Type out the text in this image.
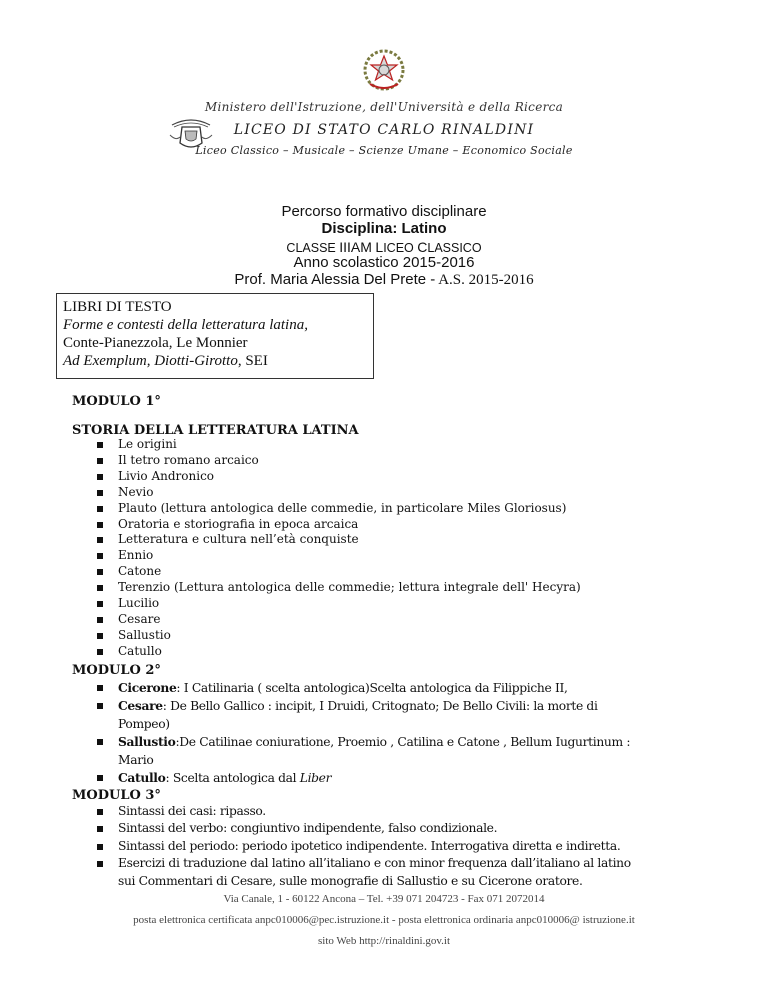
Ministero dell'Istruzione, dell'Università e della Ricerca
LICEO DI STATO CARLO RINALDINI
Liceo Classico – Musicale – Scienze Umane – Economico Sociale
Percorso formativo disciplinare
Disciplina: Latino
CLASSE IIIAM LICEO CLASSICO
Anno scolastico 2015-2016
Prof. Maria Alessia Del Prete - A.S. 2015-2016
LIBRI DI TESTO
Forme e contesti della letteratura latina,
Conte-Pianezzola, Le Monnier
Ad Exemplum, Diotti-Girotto, SEI
MODULO 1°
STORIA DELLA LETTERATURA LATINA
Le origini
Il tetro romano arcaico
Livio Andronico
Nevio
Plauto (lettura antologica delle commedie, in particolare Miles Gloriosus)
Oratoria e storiografia in epoca arcaica
Letteratura e cultura nell’età conquiste
Ennio
Catone
Terenzio (Lettura antologica delle commedie; lettura integrale dell' Hecyra)
Lucilio
Cesare
Sallustio
Catullo
MODULO 2°
Cicerone: I Catilinaria ( scelta antologica)Scelta antologica da Filippiche II,
Cesare: De Bello Gallico : incipit, I Druidi, Critognato; De Bello Civili: la morte di
Pompeo)
Sallustio:De Catilinae coniuratione, Proemio , Catilina e Catone , Bellum Iugurtinum :
Mario
Catullo: Scelta antologica dal Liber
MODULO 3°
Sintassi dei casi: ripasso.
Sintassi del verbo: congiuntivo indipendente, falso condizionale.
Sintassi del periodo: periodo ipotetico indipendente. Interrogativa diretta e indiretta.
Esercizi di traduzione dal latino all’italiano e con minor frequenza dall’italiano al latino
sui Commentari di Cesare, sulle monografie di Sallustio e su Cicerone oratore.
Via Canale, 1 - 60122 Ancona – Tel. +39 071 204723 - Fax 071 2072014
posta elettronica certificata anpc010006@pec.istruzione.it - posta elettronica ordinaria anpc010006@ istruzione.it
sito Web http://rinaldini.gov.it
